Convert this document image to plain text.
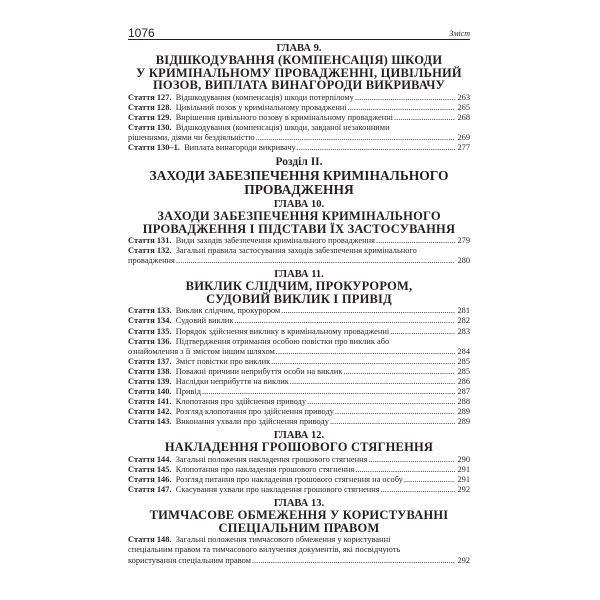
1076	Зміст
ГЛАВА 9.
ВІДШКОДУВАННЯ (КОМПЕНСАЦІЯ) ШКОДИ
У КРИМІНАЛЬНОМУ ПРОВАДЖЕННІ, ЦИВІЛЬНИЙ
ПОЗОВ, ВИПЛАТА ВИНАГОРОДИ ВИКРИВАЧУ
Стаття 127.
Відшкодування (компенсація) шкоди потерпілому .....	263
Стаття 128.
Цивільний позов у кримінальному провадженні .....	265
Стаття 129.
Вирішення цивільного позову в кримінальному провадженні .....	268
Стаття 130.
Відшкодування (компенсація) шкоди, завданої незаконними
рішеннями, діями чи бездіяльністю .....	269
Стаття 130–1.
Виплата винагороди викривачу .....	277
Розділ II.
ЗАХОДИ ЗАБЕЗПЕЧЕННЯ КРИМІНАЛЬНОГО
ПРОВАДЖЕННЯ
ГЛАВА 10.
ЗАХОДИ ЗАБЕЗПЕЧЕННЯ КРИМІНАЛЬНОГО
ПРОВАДЖЕННЯ І ПІДСТАВИ ЇХ ЗАСТОСУВАННЯ
Стаття 131.
Види заходів забезпечення кримінального провадження .....	279
Стаття 132.
Загальні правила застосування заходів забезпечення кримінального
провадження .....	280
ГЛАВА 11.
ВИКЛИК СЛІДЧИМ, ПРОКУРОРОМ,
СУДОВИЙ ВИКЛИК І ПРИВІД
Стаття 133.
Виклик слідчим, прокурором .....	281
Стаття 134.
Судовий виклик .....	282
Стаття 135.
Порядок здійснення виклику в кримінальному провадженні .....	283
Стаття 136.
Підтвердження отримання особою повістки про виклик або
ознайомлення з її змістом іншим шляхом .....	284
Стаття 137.
Зміст повістки про виклик .....	285
Стаття 138.
Поважні причини неприбуття особи на виклик .....	285
Стаття 139.
Наслідки неприбуття на виклик .....	286
Стаття 140.
Привід .....	287
Стаття 141.
Клопотання про здійснення приводу .....	288
Стаття 142.
Розгляд клопотання про здійснення приводу .....	289
Стаття 143.
Виконання ухвали про здійснення приводу .....	289
ГЛАВА 12.
НАКЛАДЕННЯ ГРОШОВОГО СТЯГНЕННЯ
Стаття 144.
Загальні положення накладення грошового стягнення .....	290
Стаття 145.
Клопотання про накладення грошового стягнення .....	291
Стаття 146.
Розгляд питання про накладення грошового стягнення на особу .....	291
Стаття 147.
Скасування ухвали про накладення грошового стягнення .....	292
ГЛАВА 13.
ТИМЧАСОВЕ ОБМЕЖЕННЯ У КОРИСТУВАННІ
СПЕЦІАЛЬНИМ ПРАВОМ
Стаття 148.
Загальні положення тимчасового обмеження у користуванні
спеціальним правом та тимчасового вилучення документів, які посвідчують
користування спеціальним правом .....	292
